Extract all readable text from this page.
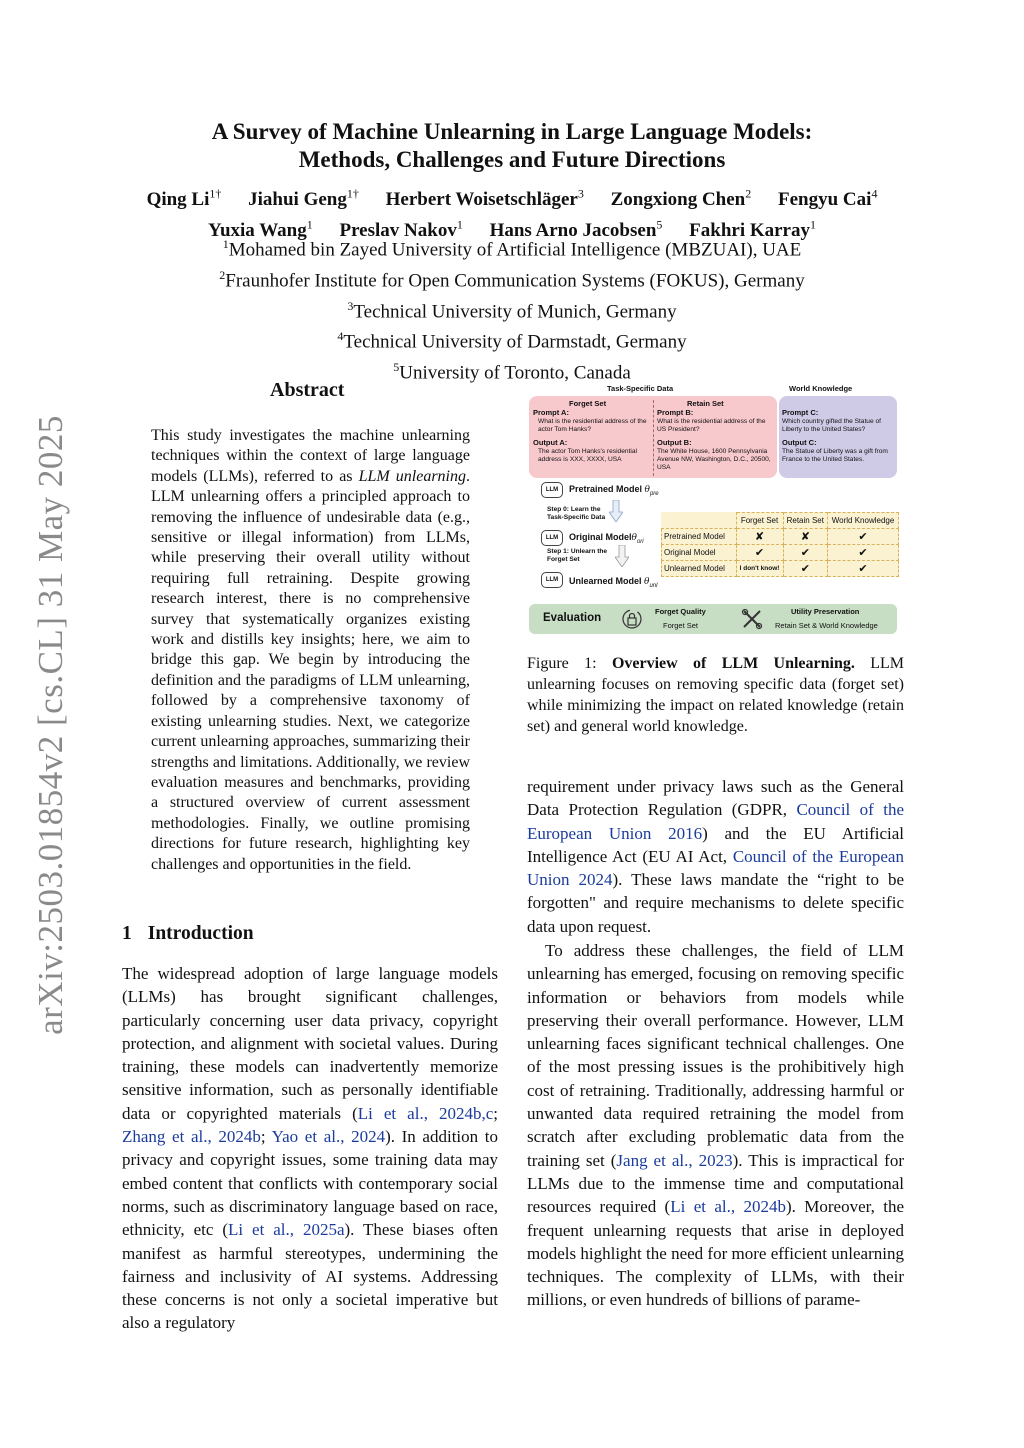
A Survey of Machine Unlearning in Large Language Models:
Methods, Challenges and Future Directions
Qing $Li^{1\dagger}$ Jiahui Geng$^{1\dagger}$ Herbert Woisetschläger$^3$ Zongxiong Chen$^2$ Fengyu Cai$^4$
Yuxia Wang$^1$ Preslav Nakov$^1$ Hans Arno Jacobsen$^5$ Fakhri Karray$^1$
$^1$Mohamed bin Zayed University of Artificial Intelligence (MBZUAI), UAE
$^2$Fraunhofer Institute for Open Communication Systems (FOKUS), Germany
$^3$Technical University of Munich, Germany
$^4$Technical University of Darmstadt, Germany
$^5$University of Toronto, Canada
arXiv:2503.01854v2 [cs.CL] 31 May 2025
Abstract
This study investigates the machine unlearning techniques within the context of large language models (LLMs), referred to as LLM unlearning. LLM unlearning offers a principled approach to removing the influence of undesirable data (e.g., sensitive or illegal information) from LLMs, while preserving their overall utility without requiring full retraining. Despite growing research interest, there is no comprehensive survey that systematically organizes existing work and distills key insights; here, we aim to bridge this gap. We begin by introducing the definition and the paradigms of LLM unlearning, followed by a comprehensive taxonomy of existing unlearning studies. Next, we categorize current unlearning approaches, summarizing their strengths and limitations. Additionally, we review evaluation measures and benchmarks, providing a structured overview of current assessment methodologies. Finally, we outline promising directions for future research, highlighting key challenges and opportunities in the field.
1 Introduction
The widespread adoption of large language models (LLMs) has brought significant challenges, particularly concerning user data privacy, copyright protection, and alignment with societal values. During training, these models can inadvertently memorize sensitive information, such as personally identifiable data or copyrighted materials (Li et al., 2024b,c; Zhang et al., 2024b; Yao et al., 2024). In addition to privacy and copyright issues, some training data may embed content that conflicts with contemporary social norms, such as discriminatory language based on race, ethnicity, etc (Li et al., 2025a). These biases often manifest as harmful stereotypes, undermining the fairness and inclusivity of AI systems. Addressing these concerns is not only a societal imperative but also a regulatory
Task-Specific Data	World Knowledge
Forget Set	Retain Set
Prompt A:
What is the residential address of the actor Tom Hanks?
Output A:
The actor Tom Hanks's residential address is XXX, XXXX, USA
Prompt B:
What is the residential address of the US President?
Output B:
The White House, 1600 Pennsylvania Avenue NW, Washington, D.C., 20500, USA
Prompt C:
Which country gifted the Statue of Liberty to the United States?
Output C:
The Statue of Liberty was a gift from France to the United States.
LLM	Pretrained Model $\theta_{pre}$
Step 0: Learn the Task-Specific Data
LLM	Original Modelθ$_{ori}$
Step 1: Unlearn the Forget Set
LLM	Unlearned Model $\theta_{unl}$
	Forget Set	Retain Set	World Knowledge
Pretrained Model	✘	✘	✔
Original Model	✔	✔	✔
Unlearned Model	I don't know!	✔	✔
Evaluation
Forget Quality
Forget Set
Utility Preservation
Retain Set & World Knowledge
Figure 1: Overview of LLM Unlearning. LLM unlearning focuses on removing specific data (forget set) while minimizing the impact on related knowledge (retain set) and general world knowledge.
requirement under privacy laws such as the General Data Protection Regulation (GDPR, Council of the European Union 2016) and the EU Artificial Intelligence Act (EU AI Act, Council of the European Union 2024). These laws mandate the “right to be forgotten" and require mechanisms to delete specific data upon request.
To address these challenges, the field of LLM unlearning has emerged, focusing on removing specific information or behaviors from models while preserving their overall performance. However, LLM unlearning faces significant technical challenges. One of the most pressing issues is the prohibitively high cost of retraining. Traditionally, addressing harmful or unwanted data required retraining the model from scratch after excluding problematic data from the training set (Jang et al., 2023). This is impractical for LLMs due to the immense time and computational resources required (Li et al., 2024b). Moreover, the frequent unlearning requests that arise in deployed models highlight the need for more efficient unlearning techniques. The complexity of LLMs, with their millions, or even hundreds of billions of parame-
